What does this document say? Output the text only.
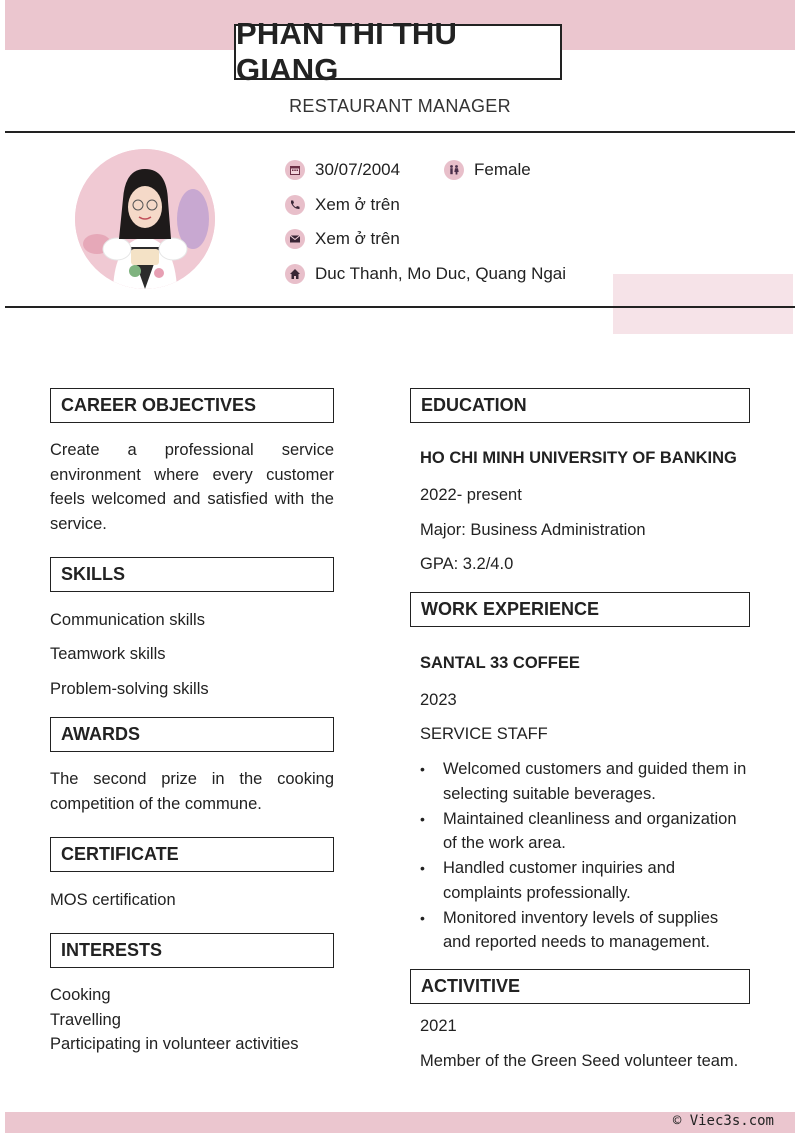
PHAN THI THU GIANG
RESTAURANT MANAGER
30/07/2004	Female
Xem ở trên
Xem ở trên
Duc Thanh, Mo Duc, Quang Ngai
CAREER OBJECTIVES
Create a professional service environment where every customer feels welcomed and satisfied with the service.
SKILLS
Communication skills
Teamwork skills
Problem-solving skills
AWARDS
The second prize in the cooking competition of the commune.
CERTIFICATE
MOS certification
INTERESTS
Cooking
Travelling
Participating in volunteer activities
EDUCATION
HO CHI MINH UNIVERSITY OF BANKING
2022- present
Major: Business Administration
GPA: 3.2/4.0
WORK EXPERIENCE
SANTAL 33 COFFEE
2023
SERVICE STAFF
• Welcomed customers and guided them in selecting suitable beverages.
• Maintained cleanliness and organization of the work area.
• Handled customer inquiries and complaints professionally.
• Monitored inventory levels of supplies and reported needs to management.
ACTIVITIVE
2021
Member of the Green Seed volunteer team.
© Viec3s.com
